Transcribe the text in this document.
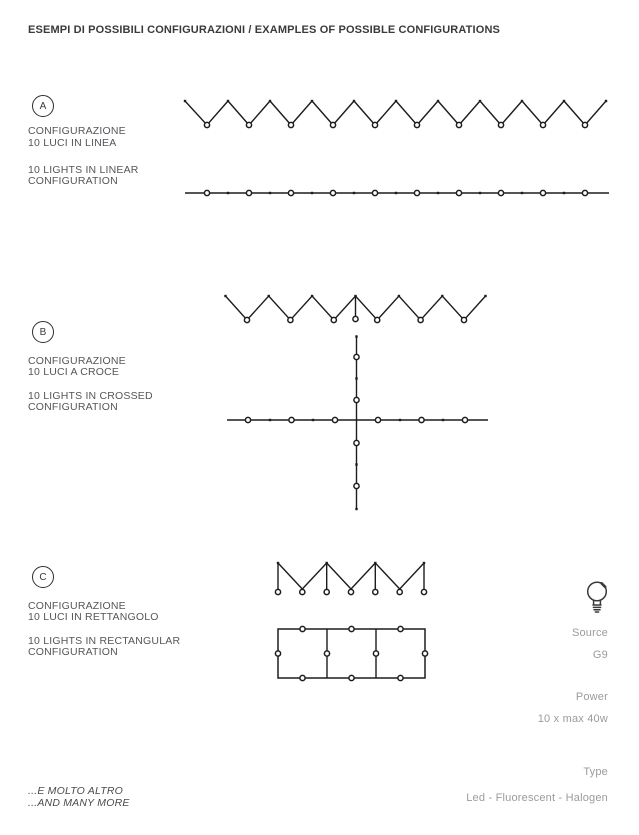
ESEMPI DI POSSIBILI CONFIGURAZIONI / EXAMPLES OF POSSIBLE CONFIGURATIONS
A
CONFIGURAZIONE
10 LUCI IN LINEA
10 LIGHTS IN LINEAR
CONFIGURATION
B
CONFIGURAZIONE
10 LUCI A CROCE
10 LIGHTS IN CROSSED
CONFIGURATION
C
CONFIGURAZIONE
10 LUCI IN RETTANGOLO
10 LIGHTS IN RECTANGULAR
CONFIGURATION
Source
G9
Power
10 x max 40w
Type
Led - Fluorescent - Halogen
...E MOLTO ALTRO
...AND MANY MORE
